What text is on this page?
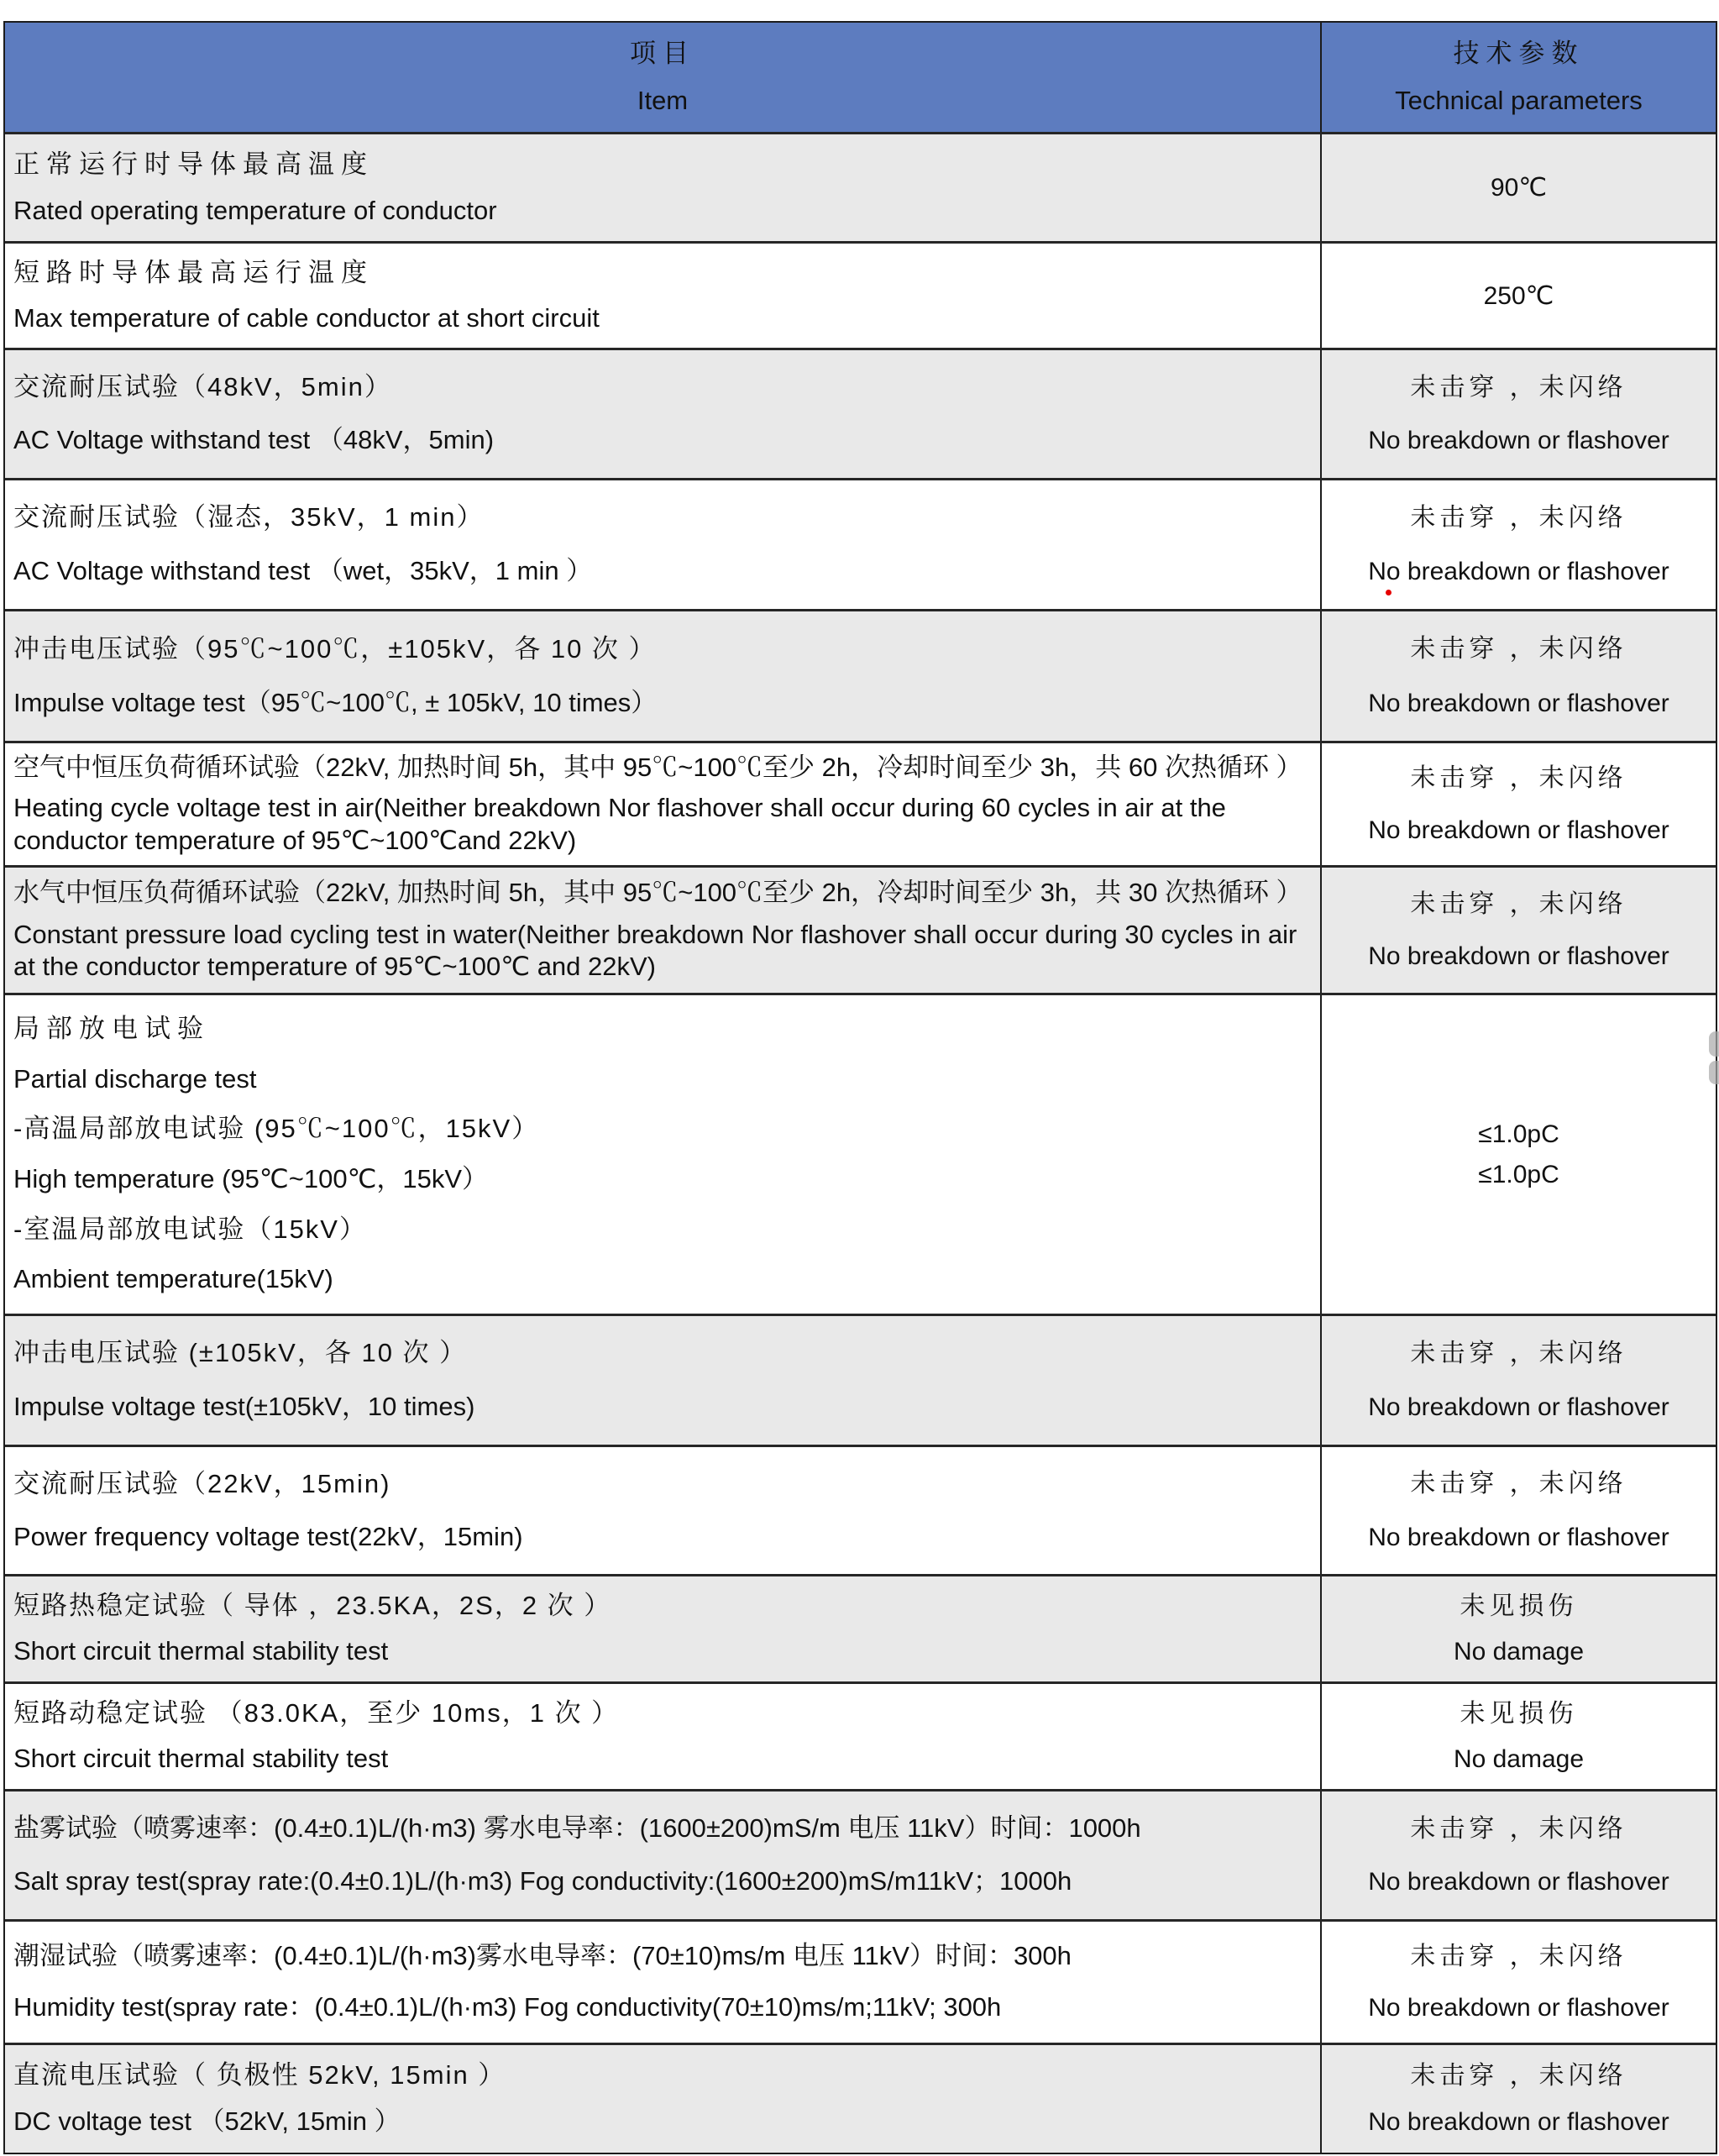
项目
Item
技术参数
Technical parameters
正常运行时导体最高温度
Rated operating temperature of conductor
90℃
短路时导体最高运行温度
Max temperature of cable conductor at short circuit
250℃
交流耐压试验（48kV，5min）
AC Voltage withstand test （48kV，5min)
未击穿 ，未闪络
No breakdown or flashover
交流耐压试验（湿态，35kV，1 min）
AC Voltage withstand test （wet，35kV，1 min ）
未击穿 ，未闪络
No breakdown or flashover
冲击电压试验（95℃~100℃，±105kV，各 10 次 ）
Impulse voltage test（95℃~100℃, ± 105kV, 10 times）
未击穿 ，未闪络
No breakdown or flashover
空气中恒压负荷循环试验（22kV, 加热时间 5h，其中 95℃~100℃至少 2h，冷却时间至少 3h，共 60 次热循环 ）
Heating cycle voltage test in air(Neither breakdown Nor flashover shall occur during 60 cycles in air at the conductor temperature of 95℃~100℃and 22kV)
未击穿 ，未闪络
No breakdown or flashover
水气中恒压负荷循环试验（22kV, 加热时间 5h，其中 95℃~100℃至少 2h，冷却时间至少 3h，共 30 次热循环 ）
Constant pressure load cycling test in water(Neither breakdown Nor flashover shall occur during 30 cycles in air at the conductor temperature of 95℃~100℃ and 22kV)
未击穿 ，未闪络
No breakdown or flashover
局部放电试验
Partial discharge test
-高温局部放电试验 (95℃~100℃，15kV）
High temperature (95℃~100℃，15kV）
-室温局部放电试验（15kV）
Ambient temperature(15kV)
≤1.0pC
≤1.0pC
冲击电压试验 (±105kV，各 10 次 ）
Impulse voltage test(±105kV，10 times)
未击穿 ，未闪络
No breakdown or flashover
交流耐压试验（22kV，15min)
Power frequency voltage test(22kV，15min)
未击穿 ，未闪络
No breakdown or flashover
短路热稳定试验（ 导体 ，23.5KA，2S，2 次 ）
Short circuit thermal stability test
未见损伤
No damage
短路动稳定试验 （83.0KA，至少 10ms，1 次 ）
Short circuit thermal stability test
未见损伤
No damage
盐雾试验（喷雾速率：(0.4±0.1)L/(h·m3) 雾水电导率：(1600±200)mS/m 电压 11kV）时间：1000h
Salt spray test(spray rate:(0.4±0.1)L/(h·m3) Fog conductivity:(1600±200)mS/m11kV；1000h
未击穿 ，未闪络
No breakdown or flashover
潮湿试验（喷雾速率：(0.4±0.1)L/(h·m3)雾水电导率：(70±10)ms/m 电压 11kV）时间：300h
Humidity test(spray rate：(0.4±0.1)L/(h·m3) Fog conductivity(70±10)ms/m;11kV; 300h
未击穿 ，未闪络
No breakdown or flashover
直流电压试验（ 负极性 52kV, 15min ）
DC voltage test （52kV, 15min ）
未击穿 ，未闪络
No breakdown or flashover
